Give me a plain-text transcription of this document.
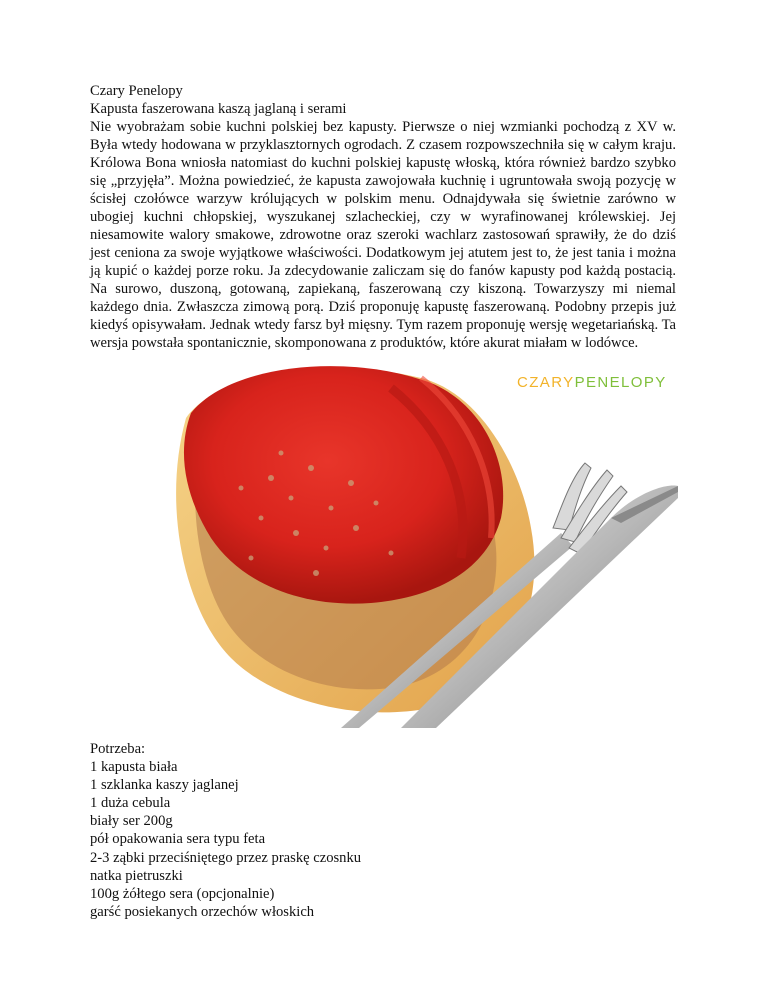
Czary Penelopy
Kapusta faszerowana kaszą jaglaną i serami

Nie wyobrażam sobie kuchni polskiej bez kapusty. Pierwsze o niej wzmianki pochodzą z XV w. Była wtedy hodowana w przyklasztornych ogrodach. Z czasem rozpowszechniła się w całym kraju. Królowa Bona wniosła natomiast do kuchni polskiej kapustę włoską, która również bardzo szybko się „przyjęła”. Można powiedzieć, że kapusta zawojowała kuchnię i ugruntowała swoją pozycję w ścisłej czołówce warzyw królujących w polskim menu. Odnajdywała się świetnie zarówno w ubogiej kuchni chłopskiej, wyszukanej szlacheckiej, czy w wyrafinowanej królewskiej. Jej niesamowite walory smakowe, zdrowotne oraz szeroki wachlarz zastosowań sprawiły, że do dziś jest ceniona za swoje wyjątkowe właściwości. Dodatkowym jej atutem jest to, że jest tania i można ją kupić o każdej porze roku. Ja zdecydowanie zaliczam się do fanów kapusty pod każdą postacią. Na surowo, duszoną, gotowaną, zapiekaną, faszerowaną czy kiszoną. Towarzyszy mi niemal każdego dnia. Zwłaszcza zimową porą. Dziś proponuję kapustę faszerowaną. Podobny przepis już kiedyś opisywałam. Jednak wtedy farsz był mięsny. Tym razem proponuję wersję wegetariańską. Ta wersja powstała spontanicznie, skomponowana z produktów, które akurat miałam w lodówce.

CZARYPENELOPY
Potrzeba:
1 kapusta biała
1 szklanka kaszy jaglanej
1 duża cebula
biały ser 200g
pół opakowania sera typu feta
2-3 ząbki przeciśniętego przez praskę czosnku
natka pietruszki
100g żółtego sera (opcjonalnie)
garść posiekanych orzechów włoskich
